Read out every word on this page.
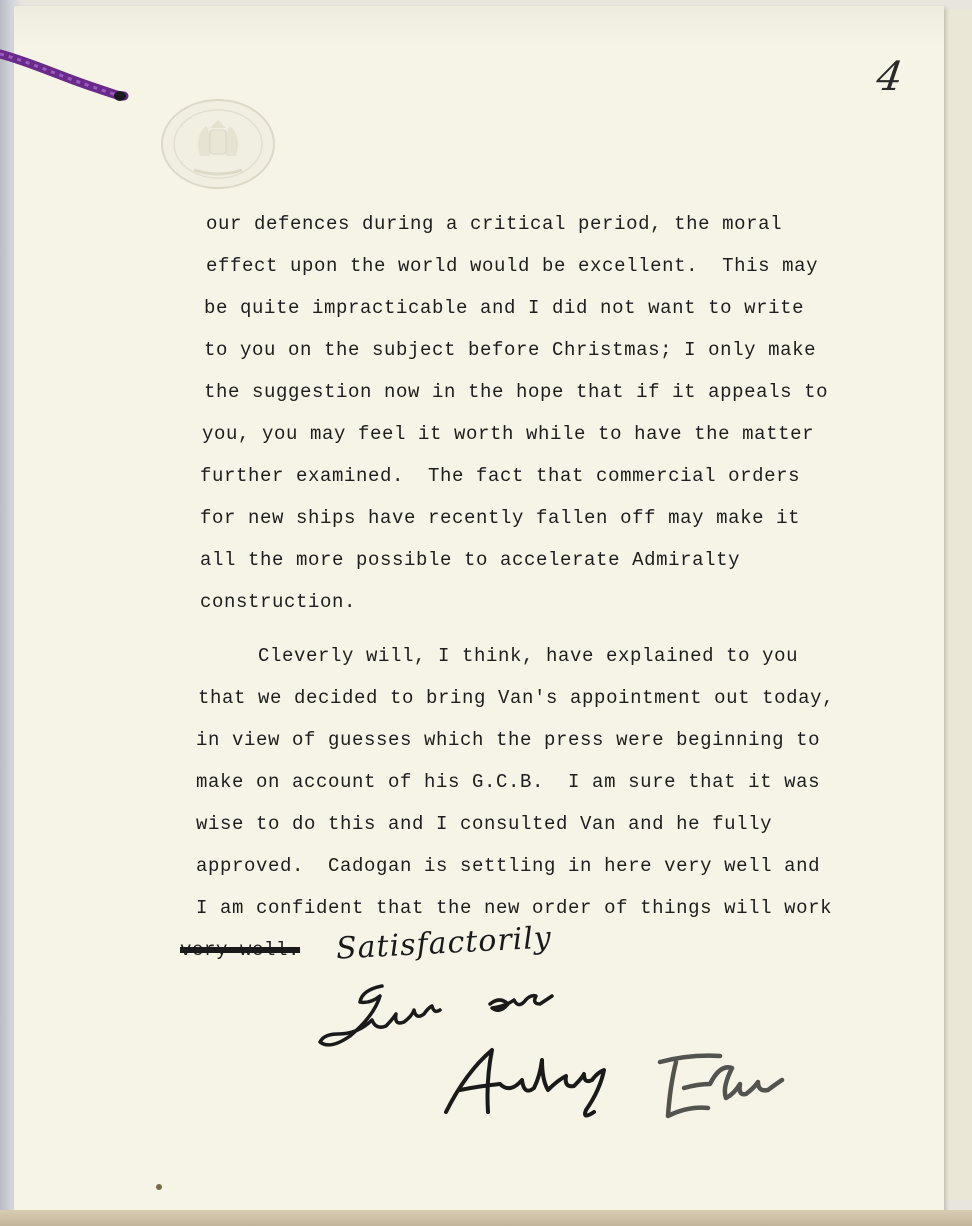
4
our defences during a critical period, the moral
effect upon the world would be excellent.  This may
be quite impracticable and I did not want to write
to you on the subject before Christmas; I only make
the suggestion now in the hope that if it appeals to
you, you may feel it worth while to have the matter
further examined.  The fact that commercial orders
for new ships have recently fallen off may make it
all the more possible to accelerate Admiralty
construction.
Cleverly will, I think, have explained to you
that we decided to bring Van's appointment out today,
in view of guesses which the press were beginning to
make on account of his G.C.B.  I am sure that it was
wise to do this and I consulted Van and he fully
approved.  Cadogan is settling in here very well and
I am confident that the new order of things will work
very well. Satisfactorily
